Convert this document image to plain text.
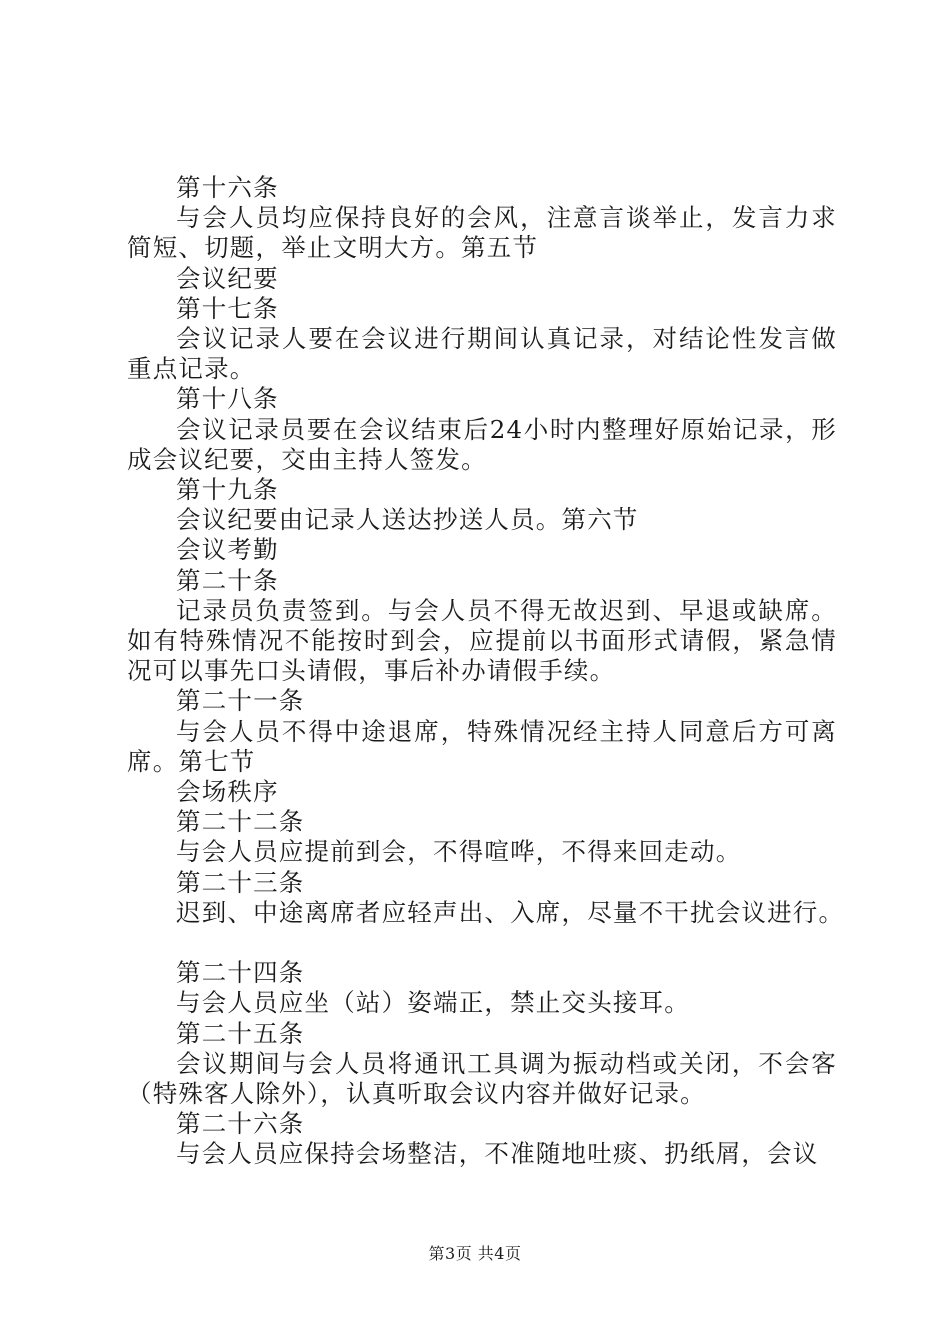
第十六条

与会人员均应保持良好的会风，注意言谈举止，发言力求简短、切题，举止文明大方。第五节

会议纪要

第十七条

会议记录人要在会议进行期间认真记录，对结论性发言做重点记录。

第十八条

会议记录员要在会议结束后24小时内整理好原始记录，形成会议纪要，交由主持人签发。

第十九条

会议纪要由记录人送达抄送人员。第六节

会议考勤

第二十条

记录员负责签到。与会人员不得无故迟到、早退或缺席。如有特殊情况不能按时到会，应提前以书面形式请假，紧急情况可以事先口头请假，事后补办请假手续。

第二十一条

与会人员不得中途退席，特殊情况经主持人同意后方可离席。第七节

会场秩序

第二十二条

与会人员应提前到会，不得喧哗，不得来回走动。

第二十三条

迟到、中途离席者应轻声出、入席，尽量不干扰会议进行。

第二十四条

与会人员应坐（站）姿端正，禁止交头接耳。

第二十五条

会议期间与会人员将通讯工具调为振动档或关闭，不会客（特殊客人除外），认真听取会议内容并做好记录。

第二十六条

与会人员应保持会场整洁，不准随地吐痰、扔纸屑，会议

第3页 共4页
